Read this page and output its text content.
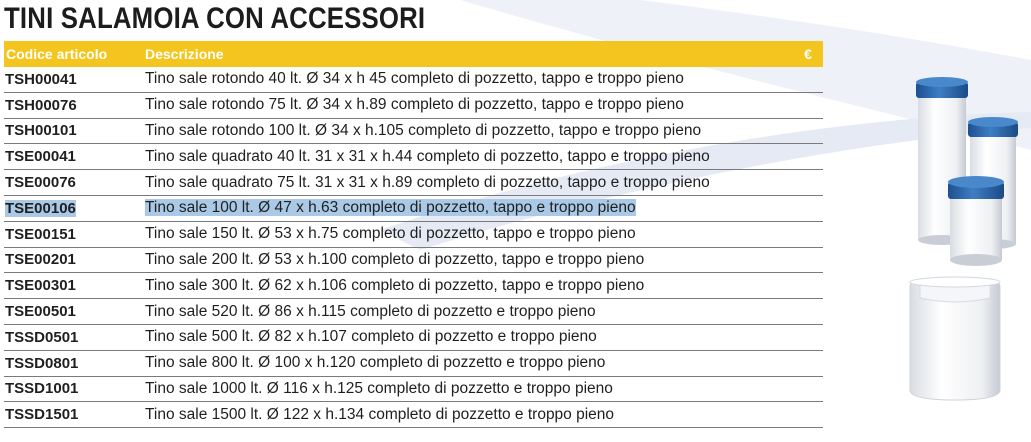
TINI SALAMOIA CON ACCESSORI
Codice articolo	Descrizione	€
TSH00041	Tino sale rotondo 40 lt. Ø 34 x h 45 completo di pozzetto, tappo e troppo pieno
TSH00076	Tino sale rotondo 75 lt. Ø 34 x h.89 completo di pozzetto, tappo e troppo pieno
TSH00101	Tino sale rotondo 100 lt. Ø 34 x h.105 completo di pozzetto, tappo e troppo pieno
TSE00041	Tino sale quadrato 40 lt. 31 x 31 x h.44 completo di pozzetto, tappo e troppo pieno
TSE00076	Tino sale quadrato 75 lt. 31 x 31 x h.89 completo di pozzetto, tappo e troppo pieno
TSE00106	Tino sale 100 lt. Ø 47 x h.63 completo di pozzetto, tappo e troppo pieno
TSE00151	Tino sale 150 lt. Ø 53 x h.75 completo di pozzetto, tappo e troppo pieno
TSE00201	Tino sale 200 lt. Ø 53 x h.100 completo di pozzetto, tappo e troppo pieno
TSE00301	Tino sale 300 lt. Ø 62 x h.106 completo di pozzetto, tappo e troppo pieno
TSE00501	Tino sale 520 lt. Ø 86 x h.115 completo di pozzetto e troppo pieno
TSSD0501	Tino sale 500 lt. Ø 82 x h.107 completo di pozzetto e troppo pieno
TSSD0801	Tino sale 800 lt. Ø 100 x h.120 completo di pozzetto e troppo pieno
TSSD1001	Tino sale 1000 lt. Ø 116 x h.125 completo di pozzetto e troppo pieno
TSSD1501	Tino sale 1500 lt. Ø 122 x h.134 completo di pozzetto e troppo pieno
